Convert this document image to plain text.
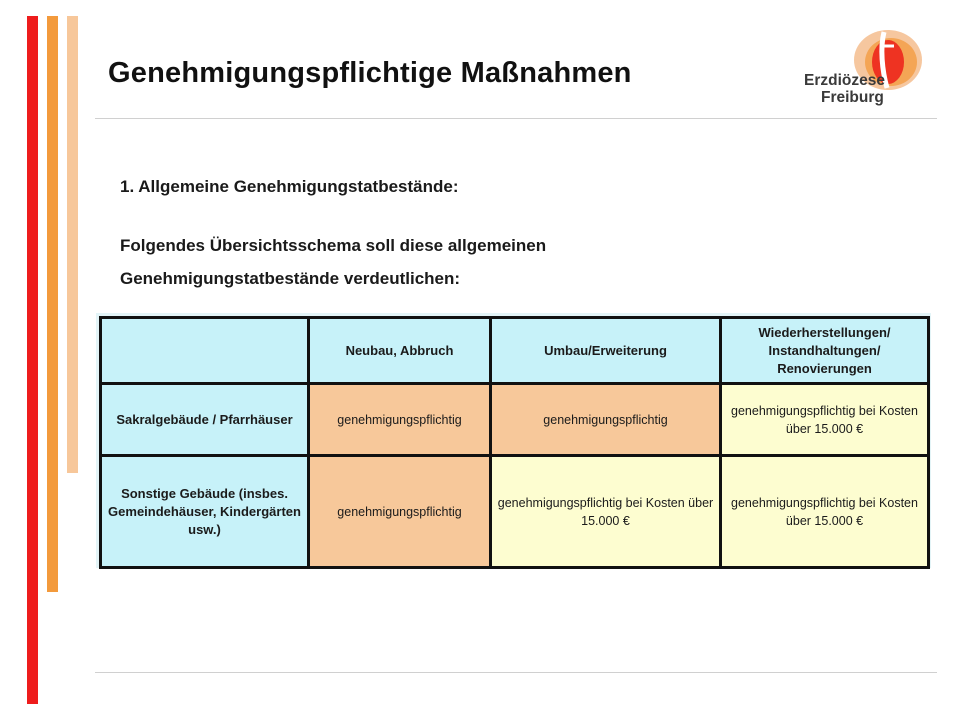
Genehmigungspflichtige Maßnahmen	Erzdiözese
Freiburg
1. Allgemeine Genehmigungstatbestände:
Folgendes Übersichtsschema soll diese allgemeinen
Genehmigungstatbestände verdeutlichen:
	Neubau, Abbruch	Umbau/Erweiterung	Wiederherstellungen/ Instandhaltungen/ Renovierungen
Sakralgebäude / Pfarrhäuser	genehmigungspflichtig	genehmigungspflichtig	genehmigungspflichtig bei Kosten über 15.000 €
Sonstige Gebäude (insbes. Gemeindehäuser, Kindergärten usw.)	genehmigungspflichtig	genehmigungspflichtig bei Kosten über 15.000 €	genehmigungspflichtig bei Kosten über 15.000 €
